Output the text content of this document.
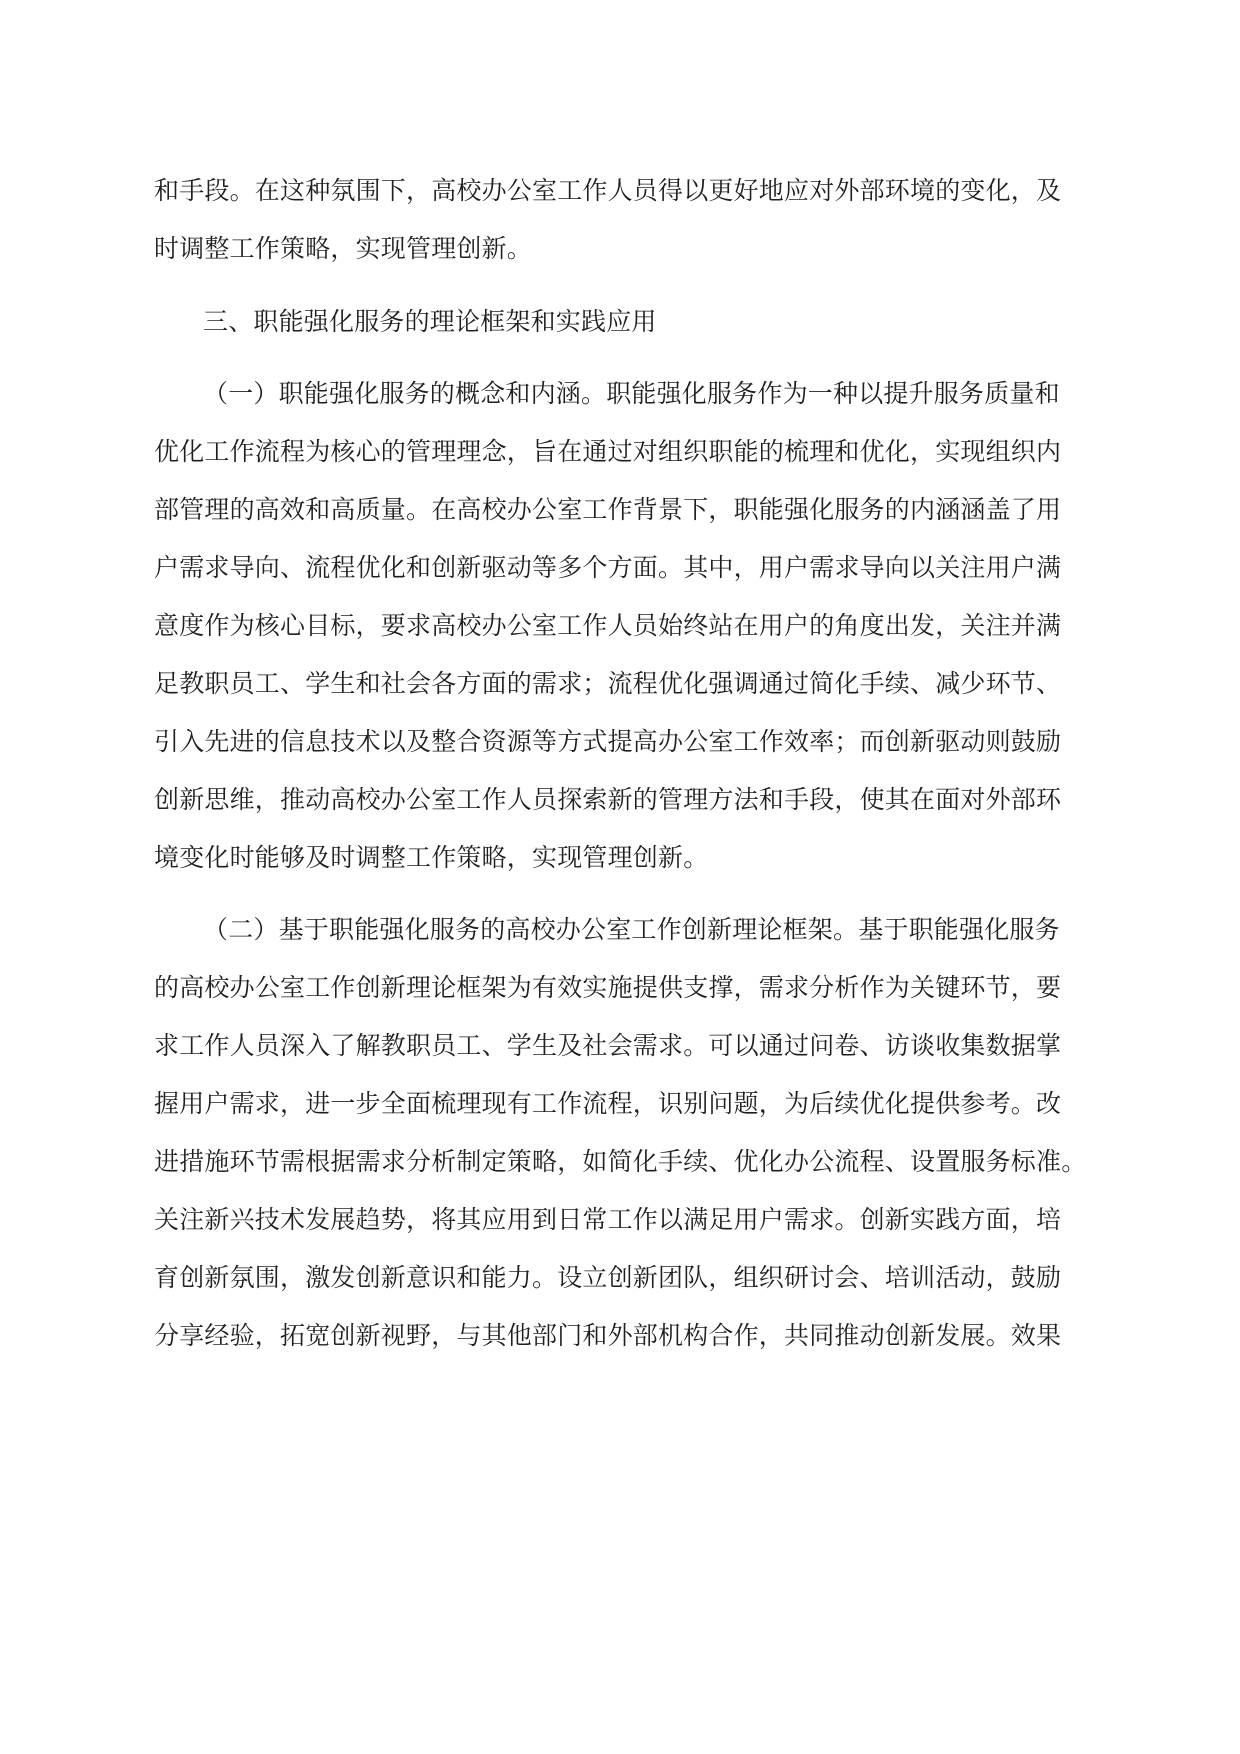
和手段。在这种氛围下，高校办公室工作人员得以更好地应对外部环境的变化，及
时调整工作策略，实现管理创新。
三、职能强化服务的理论框架和实践应用
（一）职能强化服务的概念和内涵。职能强化服务作为一种以提升服务质量和
优化工作流程为核心的管理理念，旨在通过对组织职能的梳理和优化，实现组织内
部管理的高效和高质量。在高校办公室工作背景下，职能强化服务的内涵涵盖了用
户需求导向、流程优化和创新驱动等多个方面。其中，用户需求导向以关注用户满
意度作为核心目标，要求高校办公室工作人员始终站在用户的角度出发，关注并满
足教职员工、学生和社会各方面的需求；流程优化强调通过简化手续、减少环节、
引入先进的信息技术以及整合资源等方式提高办公室工作效率；而创新驱动则鼓励
创新思维，推动高校办公室工作人员探索新的管理方法和手段，使其在面对外部环
境变化时能够及时调整工作策略，实现管理创新。
（二）基于职能强化服务的高校办公室工作创新理论框架。基于职能强化服务
的高校办公室工作创新理论框架为有效实施提供支撑，需求分析作为关键环节，要
求工作人员深入了解教职员工、学生及社会需求。可以通过问卷、访谈收集数据掌
握用户需求，进一步全面梳理现有工作流程，识别问题，为后续优化提供参考。改
进措施环节需根据需求分析制定策略，如简化手续、优化办公流程、设置服务标准。
关注新兴技术发展趋势，将其应用到日常工作以满足用户需求。创新实践方面，培
育创新氛围，激发创新意识和能力。设立创新团队，组织研讨会、培训活动，鼓励
分享经验，拓宽创新视野，与其他部门和外部机构合作，共同推动创新发展。效果
